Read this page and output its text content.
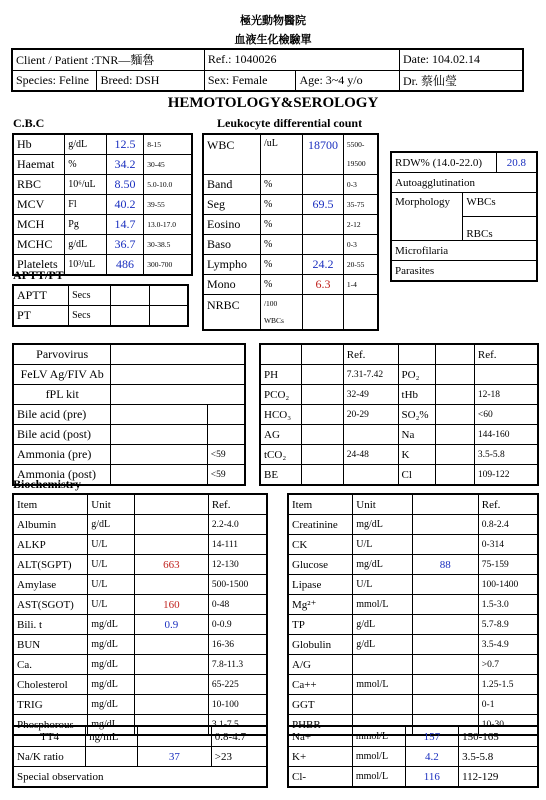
極光動物醫院
血液生化檢驗單
Client / Patient :TNR—麵魯		Ref.: 1040026		Date: 104.02.14
Species: Feline	Breed: DSH	Sex: Female	Age: 3~4 y/o	Dr. 蔡仙瑩
HEMOTOLOGY&SEROLOGY
C.B.C
Hb	g/dL	12.5	8-15
Haemat	%	34.2	30-45
RBC	10⁶/uL	8.50	5.0-10.0
MCV	Fl	40.2	39-55
MCH	Pg	14.7	13.0-17.0
MCHC	g/dL	36.7	30-38.5
Platelets	10³/uL	486	300-700
APTT/PT
APTT	Secs		
PT	Secs		
Leukocyte differential count
WBC	/uL	18700	5500-
19500

Band	%		0-3
Seg	%	69.5	35-75
Eosino	%		2-12
Baso	%		0-3
Lympho	%	24.2	20-55
Mono	%	6.3	1-4
NRBC	/100
WBCs		

RDW% (14.0-22.0)		20.8
Autoagglutination		
Morphology	WBCs	
	RBCs	
Microfilaria		
Parasites		
Parvovirus		
FeLV Ag/FIV Ab		
fPL kit		
Bile acid (pre)		
Bile acid (post)		
Ammonia (pre)		<59
Ammonia (post)		<59
		Ref.			Ref.
PH		7.31-7.42	PO₂		
PCO₂		32-49	tHb		12-18
HCO₃		20-29	SO₂%		<60
AG			Na		144-160
tCO₂		24-48	K		3.5-5.8
BE			Cl		109-122
Biochemistry
Item	Unit		Ref.
Albumin	g/dL		2.2-4.0
ALKP	U/L		14-111
ALT(SGPT)	U/L	663	12-130
Amylase	U/L		500-1500
AST(SGOT)	U/L	160	0-48
Bili. t	mg/dL	0.9	0-0.9
BUN	mg/dL		16-36
Ca.	mg/dL		7.8-11.3
Cholesterol	mg/dL		65-225
TRIG	mg/dL		10-100
Phosphorous	mg/dL		3.1-7.5
Item	Unit		Ref.
Creatinine	mg/dL		0.8-2.4
CK	U/L		0-314
Glucose	mg/dL	88	75-159
Lipase	U/L		100-1400
Mg²⁺	mmol/L		1.5-3.0
TP	g/dL		5.7-8.9
Globulin	g/dL		3.5-4.9
A/G			>0.7
Ca++	mmol/L		1.25-1.5
GGT			0-1
PHBR			10-30
TT4	ng/mL		0.8-4.7
Na/K ratio		37	>23
Special observation			
Na+	mmol/L	157	150-165
K+	mmol/L	4.2	3.5-5.8
Cl-	mmol/L	116	112-129
